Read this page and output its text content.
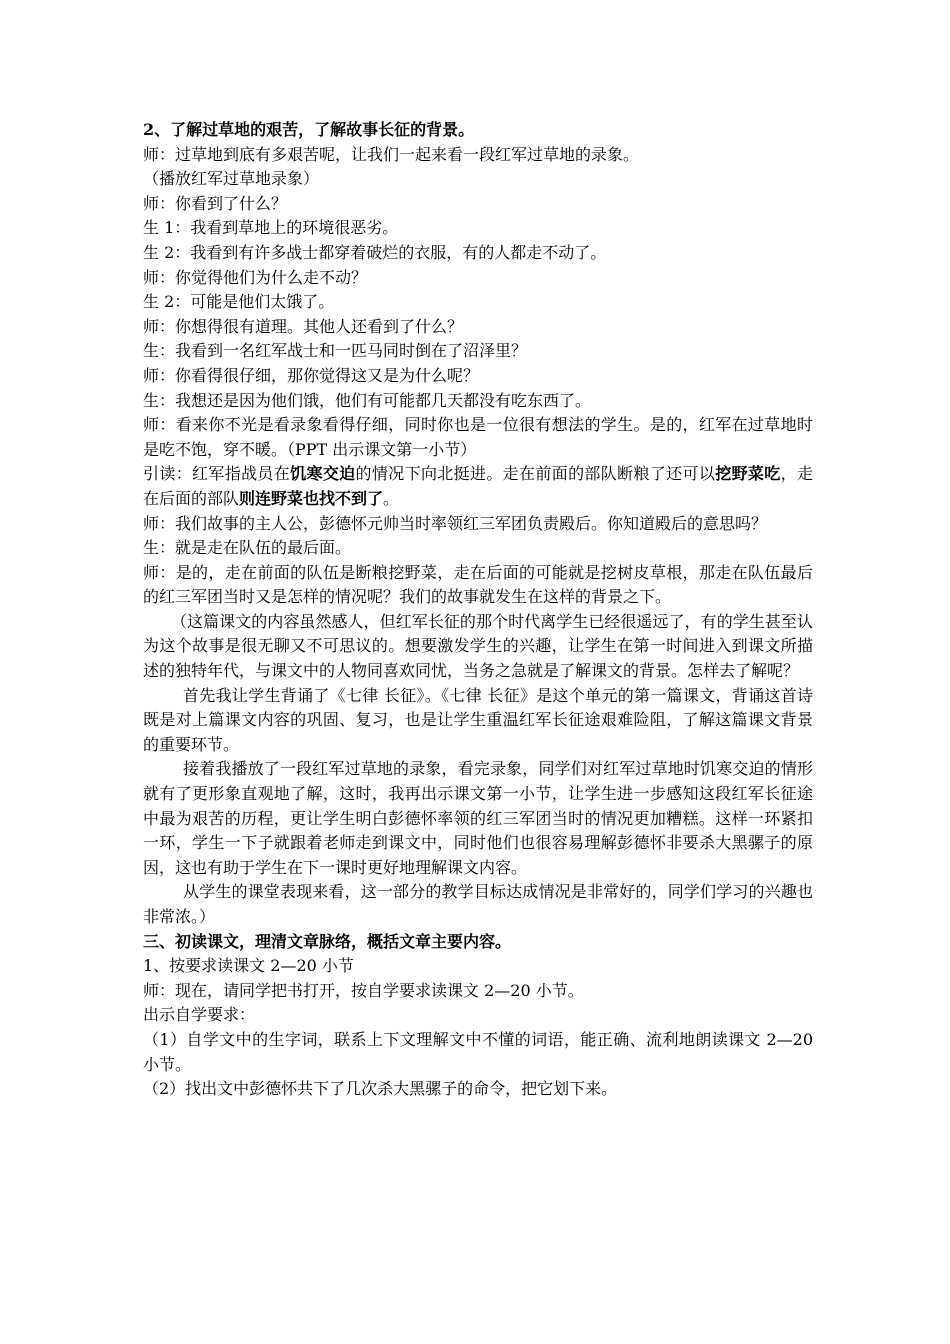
2、了解过草地的艰苦，了解故事长征的背景。
师：过草地到底有多艰苦呢，让我们一起来看一段红军过草地的录象。
（播放红军过草地录象）
师：你看到了什么？
生 1：我看到草地上的环境很恶劣。
生 2：我看到有许多战士都穿着破烂的衣服，有的人都走不动了。
师：你觉得他们为什么走不动？
生 2：可能是他们太饿了。
师：你想得很有道理。其他人还看到了什么？
生：我看到一名红军战士和一匹马同时倒在了沼泽里？
师：你看得很仔细，那你觉得这又是为什么呢？
生：我想还是因为他们饿，他们有可能都几天都没有吃东西了。
师：看来你不光是看录象看得仔细，同时你也是一位很有想法的学生。是的，红军在过草地时是吃不饱，穿不暖。（PPT 出示课文第一小节）
引读：红军指战员在饥寒交迫的情况下向北挺进。走在前面的部队断粮了还可以挖野菜吃，走在后面的部队则连野菜也找不到了。
师：我们故事的主人公，彭德怀元帅当时率领红三军团负责殿后。你知道殿后的意思吗？
生：就是走在队伍的最后面。
师：是的，走在前面的队伍是断粮挖野菜，走在后面的可能就是挖树皮草根，那走在队伍最后的红三军团当时又是怎样的情况呢？我们的故事就发生在这样的背景之下。
（这篇课文的内容虽然感人，但红军长征的那个时代离学生已经很遥远了，有的学生甚至认为这个故事是很无聊又不可思议的。想要激发学生的兴趣，让学生在第一时间进入到课文所描述的独特年代，与课文中的人物同喜欢同忧，当务之急就是了解课文的背景。怎样去了解呢？
首先我让学生背诵了《七律 长征》。《七律 长征》是这个单元的第一篇课文，背诵这首诗既是对上篇课文内容的巩固、复习，也是让学生重温红军长征途艰难险阻，了解这篇课文背景的重要环节。
接着我播放了一段红军过草地的录象，看完录象，同学们对红军过草地时饥寒交迫的情形就有了更形象直观地了解，这时，我再出示课文第一小节，让学生进一步感知这段红军长征途中最为艰苦的历程，更让学生明白彭德怀率领的红三军团当时的情况更加糟糕。这样一环紧扣一环，学生一下子就跟着老师走到课文中，同时他们也很容易理解彭德怀非要杀大黑骡子的原因，这也有助于学生在下一课时更好地理解课文内容。
从学生的课堂表现来看，这一部分的教学目标达成情况是非常好的，同学们学习的兴趣也非常浓。）
三、初读课文，理清文章脉络，概括文章主要内容。
1、按要求读课文 2—20 小节
师：现在，请同学把书打开，按自学要求读课文 2—20 小节。
出示自学要求：
（1）自学文中的生字词，联系上下文理解文中不懂的词语，能正确、流利地朗读课文 2—20 小节。
（2）找出文中彭德怀共下了几次杀大黑骡子的命令，把它划下来。
